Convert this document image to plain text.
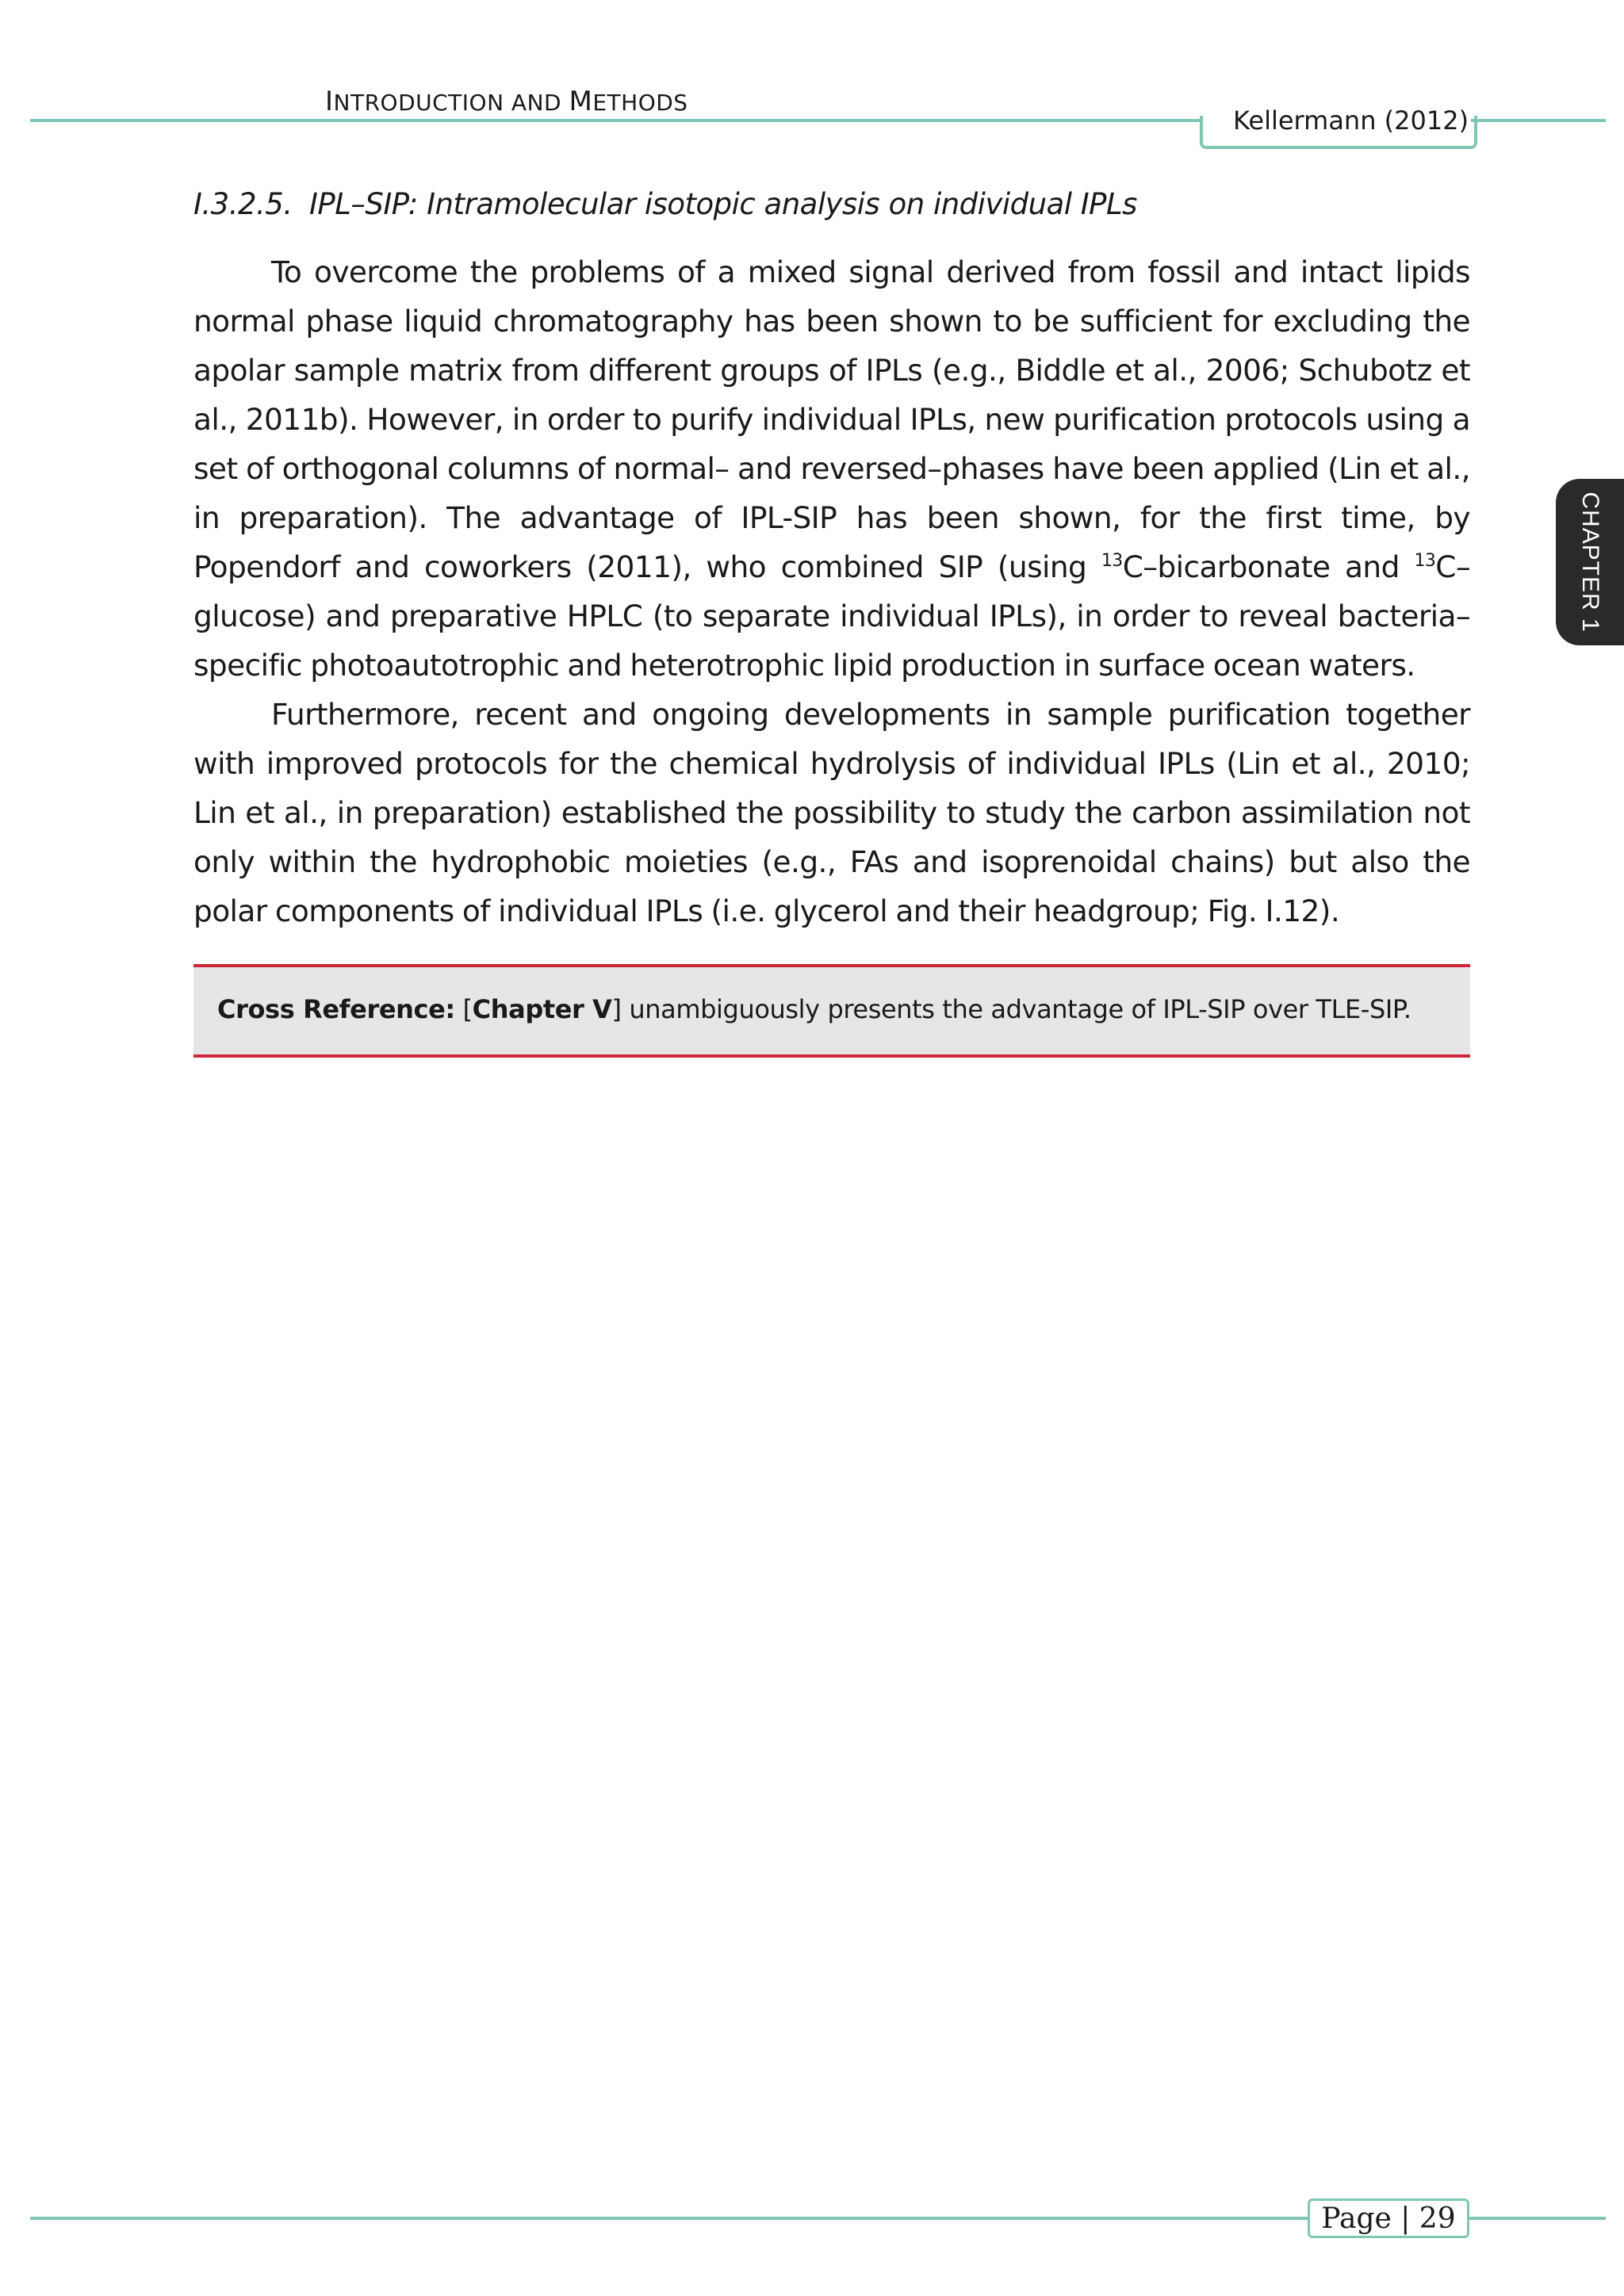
INTRODUCTION AND METHODS
Kellermann (2012)
CHAPTER 1
I.3.2.5. IPL–SIP: Intramolecular isotopic analysis on individual IPLs

To overcome the problems of a mixed signal derived from fossil and intact lipids normal phase liquid chromatography has been shown to be sufficient for excluding the apolar sample matrix from different groups of IPLs (e.g., Biddle et al., 2006; Schubotz et al., 2011b). However, in order to purify individual IPLs, new purification protocols using a set of orthogonal columns of normal– and reversed–phases have been applied (Lin et al., in preparation). The advantage of IPL-SIP has been shown, for the first time, by Popendorf and coworkers (2011), who combined SIP (using $^{13}$C–bicarbonate and $^{13}$C–glucose) and preparative HPLC (to separate individual IPLs), in order to reveal bacteria–specific photoautotrophic and heterotrophic lipid production in surface ocean waters.

Furthermore, recent and ongoing developments in sample purification together with improved protocols for the chemical hydrolysis of individual IPLs (Lin et al., 2010; Lin et al., in preparation) established the possibility to study the carbon assimilation not only within the hydrophobic moieties (e.g., FAs and isoprenoidal chains) but also the polar components of individual IPLs (i.e. glycerol and their headgroup; Fig. I.12).

Cross Reference: [Chapter V] unambiguously presents the advantage of IPL-SIP over TLE-SIP.

Page | 29
